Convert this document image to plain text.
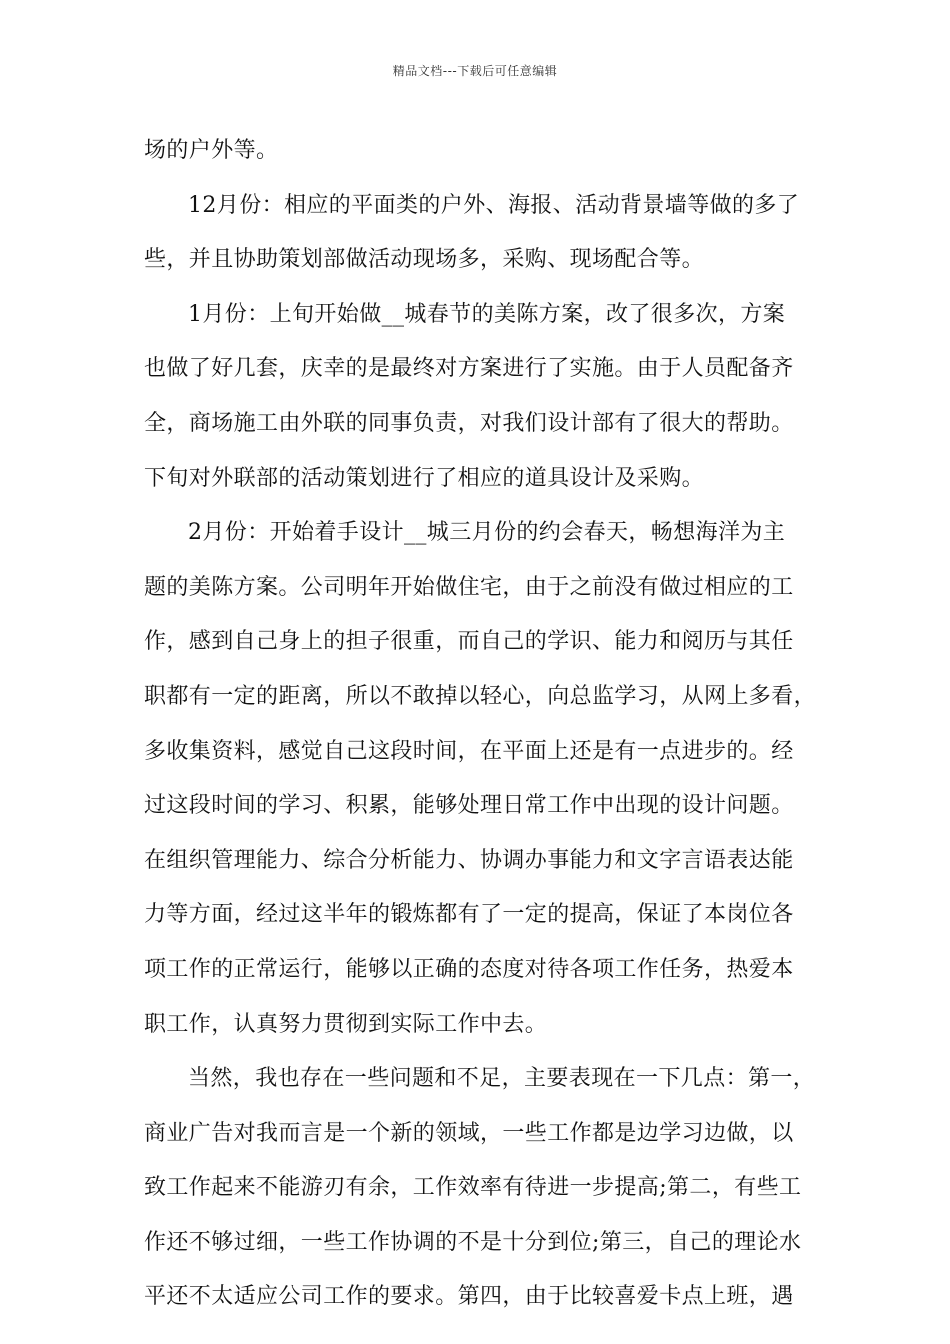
精品文档---下载后可任意编辑
场的户外等。
12月份：相应的平面类的户外、海报、活动背景墙等做的多了
些，并且协助策划部做活动现场多，采购、现场配合等。
1月份：上旬开始做__城春节的美陈方案，改了很多次，方案
也做了好几套，庆幸的是最终对方案进行了实施。由于人员配备齐
全，商场施工由外联的同事负责，对我们设计部有了很大的帮助。
下旬对外联部的活动策划进行了相应的道具设计及采购。
2月份：开始着手设计__城三月份的约会春天，畅想海洋为主
题的美陈方案。公司明年开始做住宅，由于之前没有做过相应的工
作，感到自己身上的担子很重，而自己的学识、能力和阅历与其任
职都有一定的距离，所以不敢掉以轻心，向总监学习，从网上多看，
多收集资料，感觉自己这段时间，在平面上还是有一点进步的。经
过这段时间的学习、积累，能够处理日常工作中出现的设计问题。
在组织管理能力、综合分析能力、协调办事能力和文字言语表达能
力等方面，经过这半年的锻炼都有了一定的提高，保证了本岗位各
项工作的正常运行，能够以正确的态度对待各项工作任务，热爱本
职工作，认真努力贯彻到实际工作中去。
当然，我也存在一些问题和不足，主要表现在一下几点：第一，
商业广告对我而言是一个新的领域，一些工作都是边学习边做，以
致工作起来不能游刃有余，工作效率有待进一步提高;第二，有些工
作还不够过细，一些工作协调的不是十分到位;第三，自己的理论水
平还不太适应公司工作的要求。第四，由于比较喜爱卡点上班，遇
